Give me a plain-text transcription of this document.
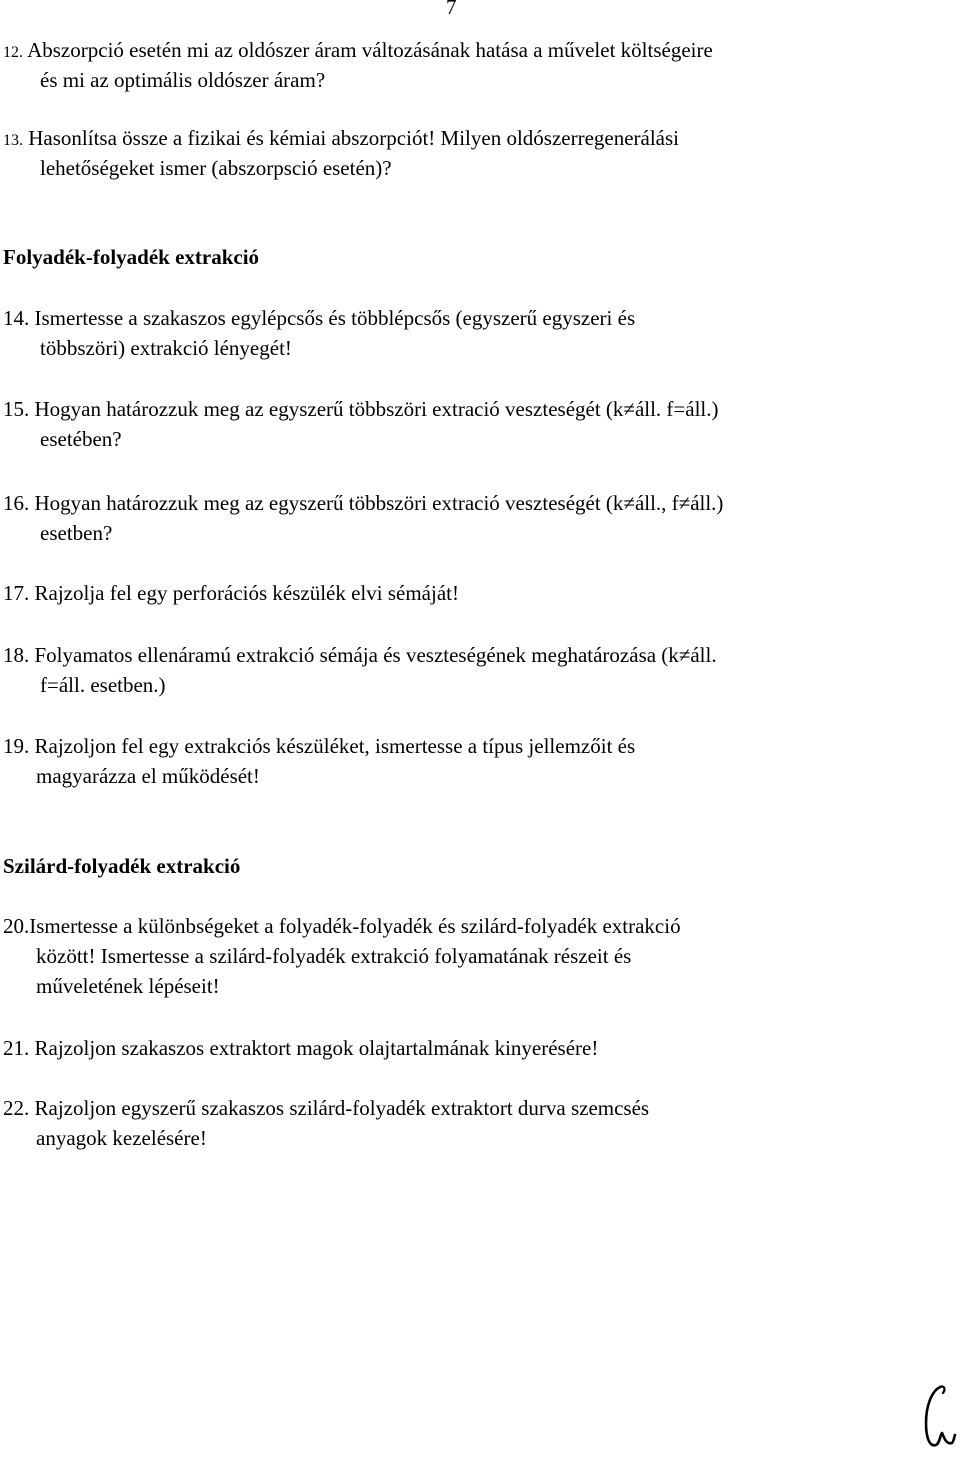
7
12. Abszorpció esetén mi az oldószer áram változásának hatása a művelet költségeire
és mi az optimális oldószer áram?
13. Hasonlítsa össze a fizikai és kémiai abszorpciót! Milyen oldószerregenerálási
lehetőségeket ismer (abszorpsció esetén)?
Folyadék-folyadék extrakció
14. Ismertesse a szakaszos egylépcsős és többlépcsős (egyszerű egyszeri és
többszöri) extrakció lényegét!
15. Hogyan határozzuk meg az egyszerű többszöri extració veszteségét (k≠áll. f=áll.)
esetében?
16. Hogyan határozzuk meg az egyszerű többszöri extració veszteségét (k≠áll., f≠áll.)
esetben?
17. Rajzolja fel egy perforációs készülék elvi sémáját!
18. Folyamatos ellenáramú extrakció sémája és veszteségének meghatározása (k≠áll.
f=áll. esetben.)
19. Rajzoljon fel egy extrakciós készüléket, ismertesse a típus jellemzőit és
magyarázza el működését!
Szilárd-folyadék extrakció
20.Ismertesse a különbségeket a folyadék-folyadék és szilárd-folyadék extrakció
között! Ismertesse a szilárd-folyadék extrakció folyamatának részeit és
műveletének lépéseit!
21. Rajzoljon szakaszos extraktort magok olajtartalmának kinyerésére!
22. Rajzoljon egyszerű szakaszos szilárd-folyadék extraktort durva szemcsés
anyagok kezelésére!
